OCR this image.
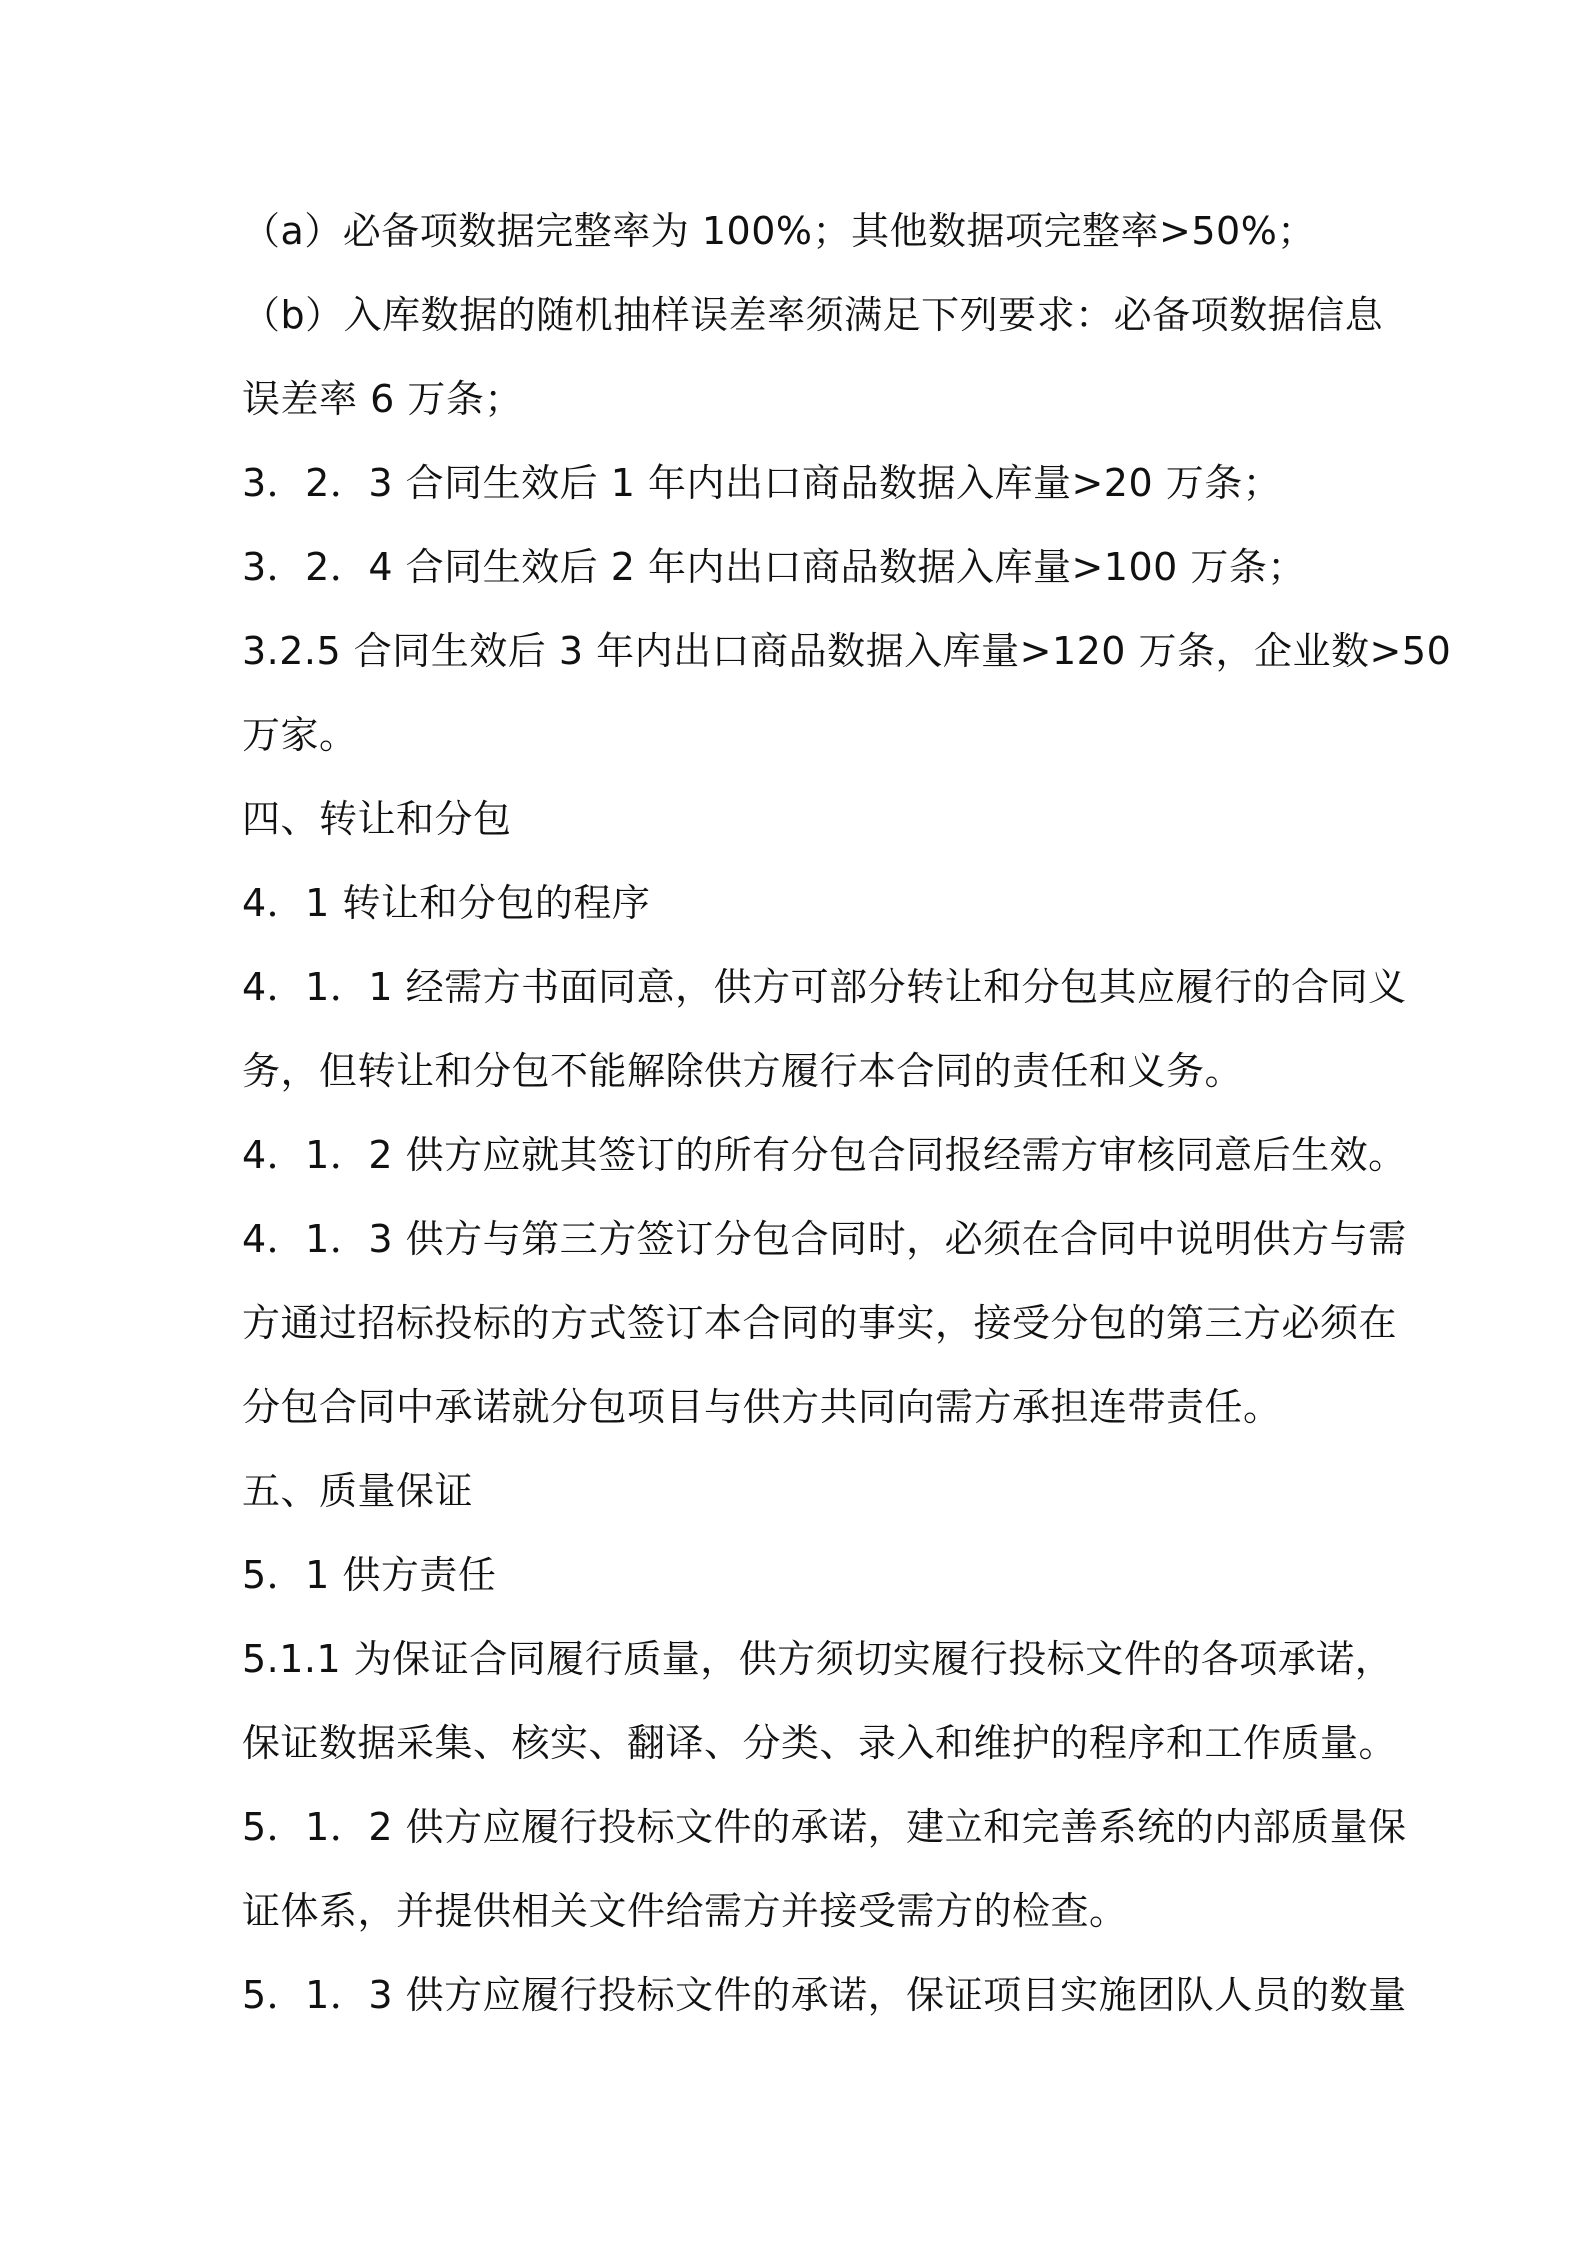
（a）必备项数据完整率为 100%；其他数据项完整率>50%；
（b）入库数据的随机抽样误差率须满足下列要求：必备项数据信息
误差率 6 万条；
3．2．3 合同生效后 1 年内出口商品数据入库量>20 万条；
3．2．4 合同生效后 2 年内出口商品数据入库量>100 万条；
3.2.5 合同生效后 3 年内出口商品数据入库量>120 万条，企业数>50
万家。
四、转让和分包
4．1 转让和分包的程序
4．1．1 经需方书面同意，供方可部分转让和分包其应履行的合同义
务，但转让和分包不能解除供方履行本合同的责任和义务。
4．1．2 供方应就其签订的所有分包合同报经需方审核同意后生效。
4．1．3 供方与第三方签订分包合同时，必须在合同中说明供方与需
方通过招标投标的方式签订本合同的事实，接受分包的第三方必须在
分包合同中承诺就分包项目与供方共同向需方承担连带责任。
五、质量保证
5．1 供方责任
5.1.1 为保证合同履行质量，供方须切实履行投标文件的各项承诺，
保证数据采集、核实、翻译、分类、录入和维护的程序和工作质量。
5．1．2 供方应履行投标文件的承诺，建立和完善系统的内部质量保
证体系，并提供相关文件给需方并接受需方的检查。
5．1．3 供方应履行投标文件的承诺，保证项目实施团队人员的数量
